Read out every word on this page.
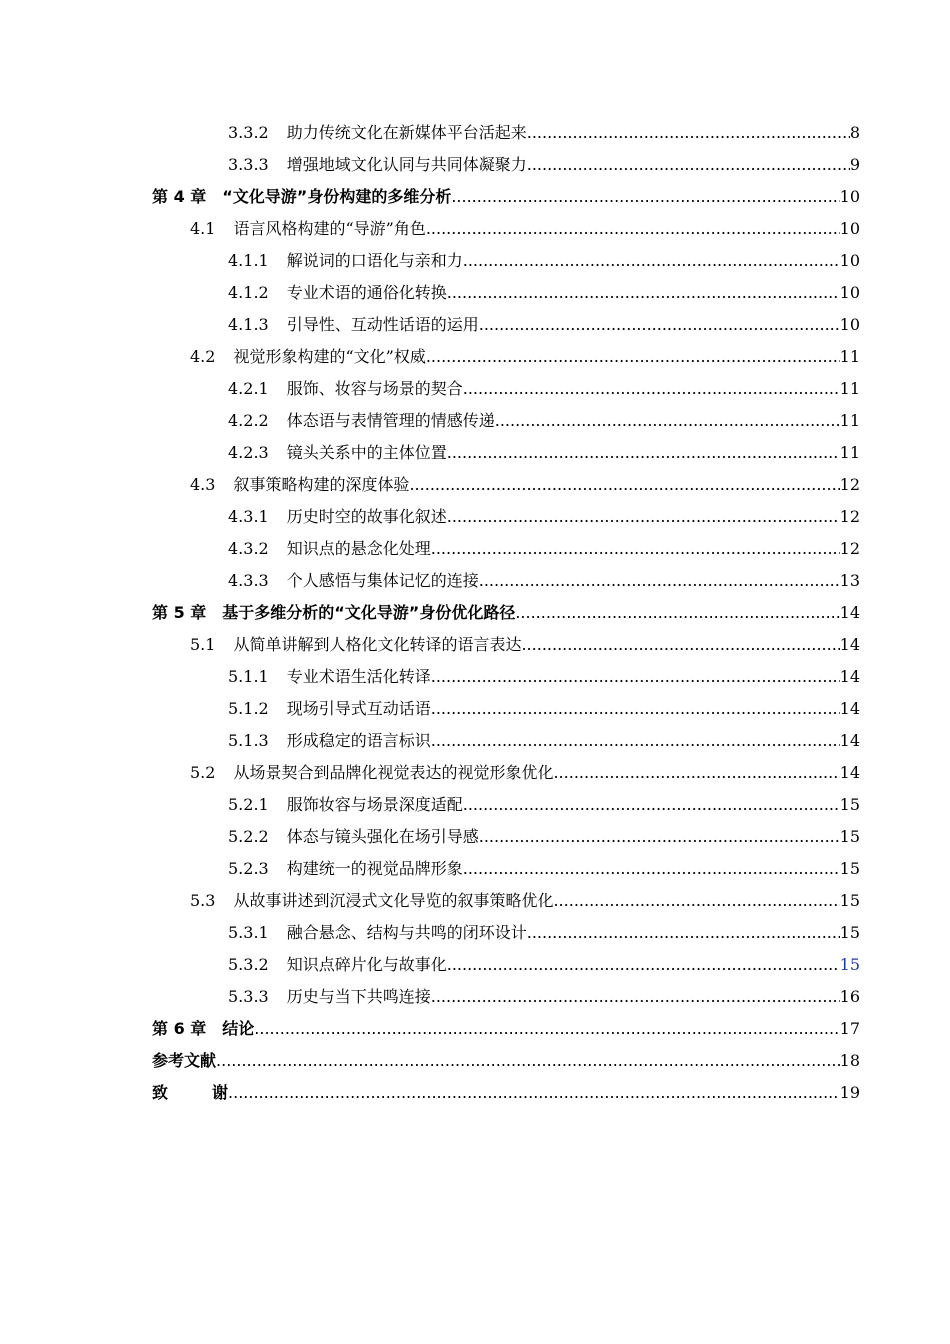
3.3.2 助力传统文化在新媒体平台活起来 .....	8
3.3.3 增强地域文化认同与共同体凝聚力 .....	9
第 4 章 “文化导游”身份构建的多维分析 .....	10
4.1 语言风格构建的“导游”角色 .....	10
4.1.1 解说词的口语化与亲和力 .....	10
4.1.2 专业术语的通俗化转换 .....	10
4.1.3 引导性、互动性话语的运用 .....	10
4.2 视觉形象构建的“文化”权威 .....	11
4.2.1 服饰、妆容与场景的契合 .....	11
4.2.2 体态语与表情管理的情感传递 .....	11
4.2.3 镜头关系中的主体位置 .....	11
4.3 叙事策略构建的深度体验 .....	12
4.3.1 历史时空的故事化叙述 .....	12
4.3.2 知识点的悬念化处理 .....	12
4.3.3 个人感悟与集体记忆的连接 .....	13
第 5 章 基于多维分析的“文化导游”身份优化路径 .....	14
5.1 从简单讲解到人格化文化转译的语言表达 .....	14
5.1.1 专业术语生活化转译 .....	14
5.1.2 现场引导式互动话语 .....	14
5.1.3 形成稳定的语言标识 .....	14
5.2 从场景契合到品牌化视觉表达的视觉形象优化 .....	14
5.2.1 服饰妆容与场景深度适配 .....	15
5.2.2 体态与镜头强化在场引导感 .....	15
5.2.3 构建统一的视觉品牌形象 .....	15
5.3 从故事讲述到沉浸式文化导览的叙事策略优化 .....	15
5.3.1 融合悬念、结构与共鸣的闭环设计 .....	15
5.3.2 知识点碎片化与故事化 .....	15
5.3.3 历史与当下共鸣连接 .....	16
第 6 章 结论 .....	17
参考文献 .....	18
致	谢 .....	19
